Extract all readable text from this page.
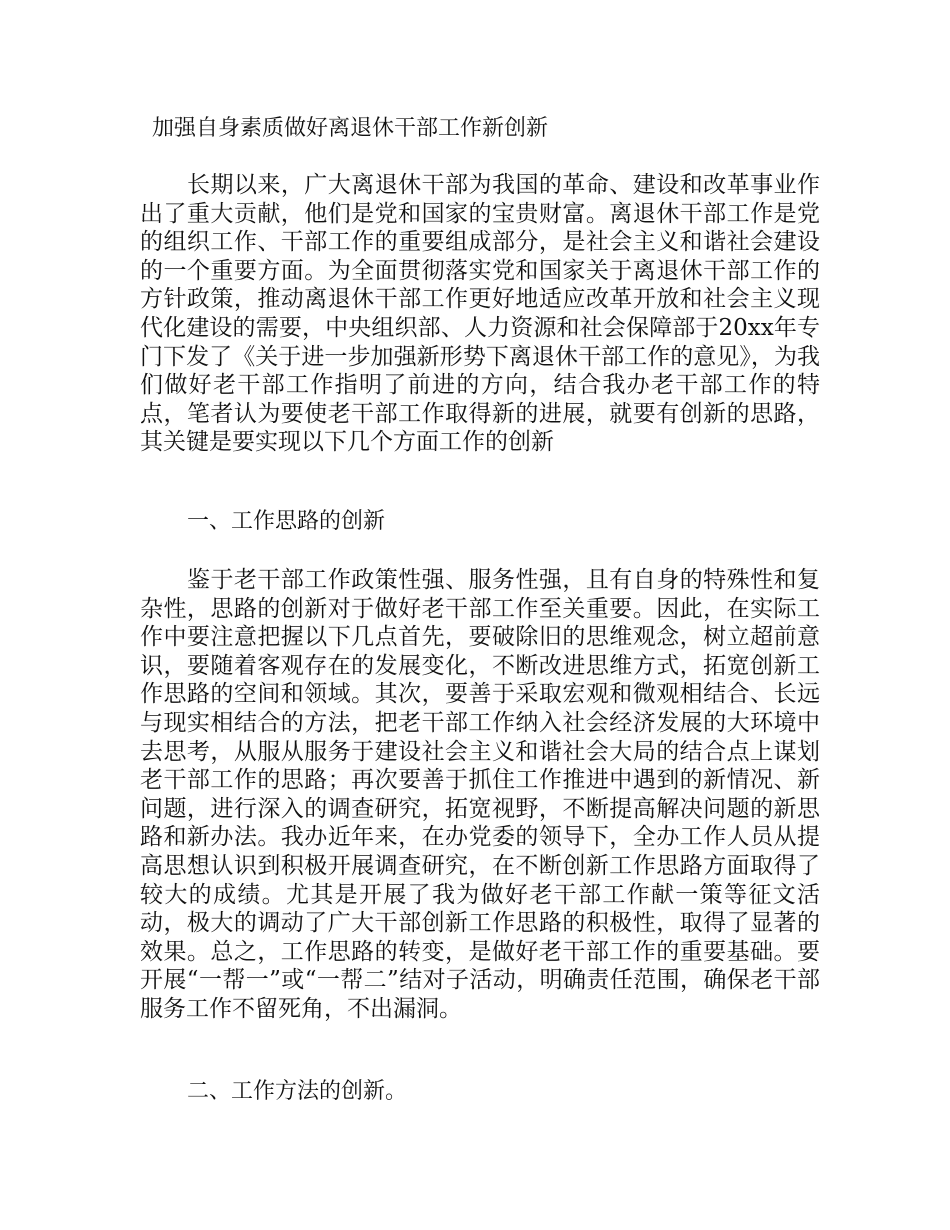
加强自身素质做好离退休干部工作新创新

长期以来，广大离退休干部为我国的革命、建设和改革事业作出了重大贡献，他们是党和国家的宝贵财富。离退休干部工作是党的组织工作、干部工作的重要组成部分，是社会主义和谐社会建设的一个重要方面。为全面贯彻落实党和国家关于离退休干部工作的方针政策，推动离退休干部工作更好地适应改革开放和社会主义现代化建设的需要，中央组织部、人力资源和社会保障部于20xx年专门下发了《关于进一步加强新形势下离退休干部工作的意见》，为我们做好老干部工作指明了前进的方向，结合我办老干部工作的特点，笔者认为要使老干部工作取得新的进展，就要有创新的思路，其关键是要实现以下几个方面工作的创新

一、工作思路的创新

鉴于老干部工作政策性强、服务性强，且有自身的特殊性和复杂性，思路的创新对于做好老干部工作至关重要。因此，在实际工作中要注意把握以下几点首先，要破除旧的思维观念，树立超前意识，要随着客观存在的发展变化，不断改进思维方式，拓宽创新工作思路的空间和领域。其次，要善于采取宏观和微观相结合、长远与现实相结合的方法，把老干部工作纳入社会经济发展的大环境中去思考，从服从服务于建设社会主义和谐社会大局的结合点上谋划老干部工作的思路；再次要善于抓住工作推进中遇到的新情况、新问题，进行深入的调查研究，拓宽视野，不断提高解决问题的新思路和新办法。我办近年来，在办党委的领导下，全办工作人员从提高思想认识到积极开展调查研究，在不断创新工作思路方面取得了较大的成绩。尤其是开展了我为做好老干部工作献一策等征文活动，极大的调动了广大干部创新工作思路的积极性，取得了显著的效果。总之，工作思路的转变，是做好老干部工作的重要基础。要开展“一帮一”或“一帮二”结对子活动，明确责任范围，确保老干部服务工作不留死角，不出漏洞。

二、工作方法的创新。
